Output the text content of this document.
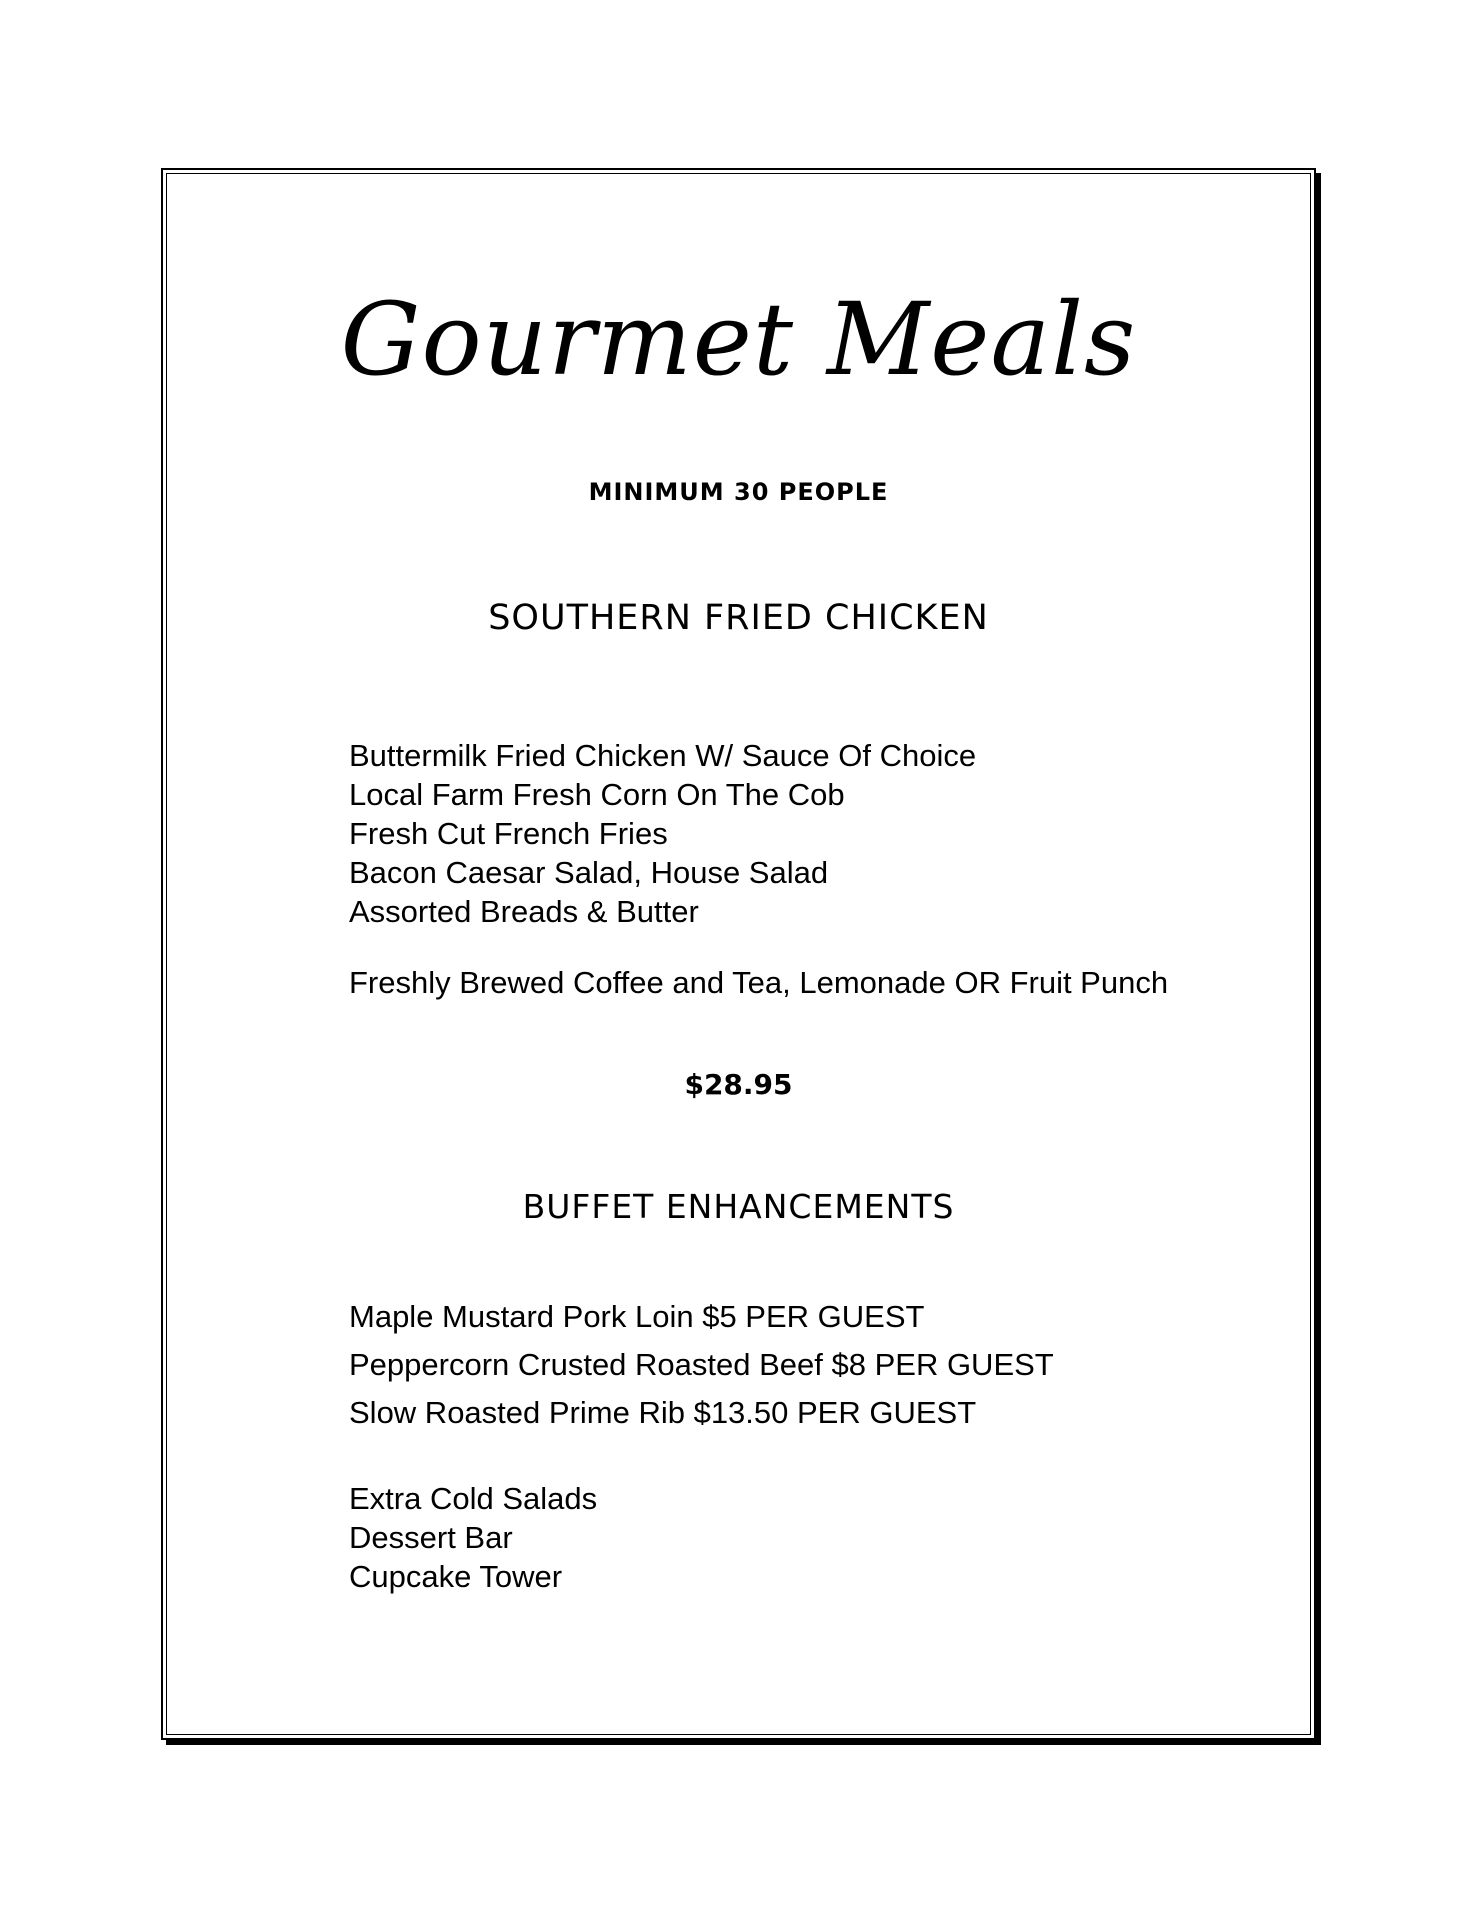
Gourmet Meals
MINIMUM 30 PEOPLE
SOUTHERN FRIED CHICKEN
Buttermilk Fried Chicken W/ Sauce Of Choice
Local Farm Fresh Corn On The Cob
Fresh Cut French Fries
Bacon Caesar Salad, House Salad
Assorted Breads & Butter
Freshly Brewed Coffee and Tea, Lemonade OR Fruit Punch
$28.95
BUFFET ENHANCEMENTS
Maple Mustard Pork Loin $5 PER GUEST
Peppercorn Crusted Roasted Beef $8 PER GUEST
Slow Roasted Prime Rib $13.50 PER GUEST
Extra Cold Salads
Dessert Bar
Cupcake Tower
